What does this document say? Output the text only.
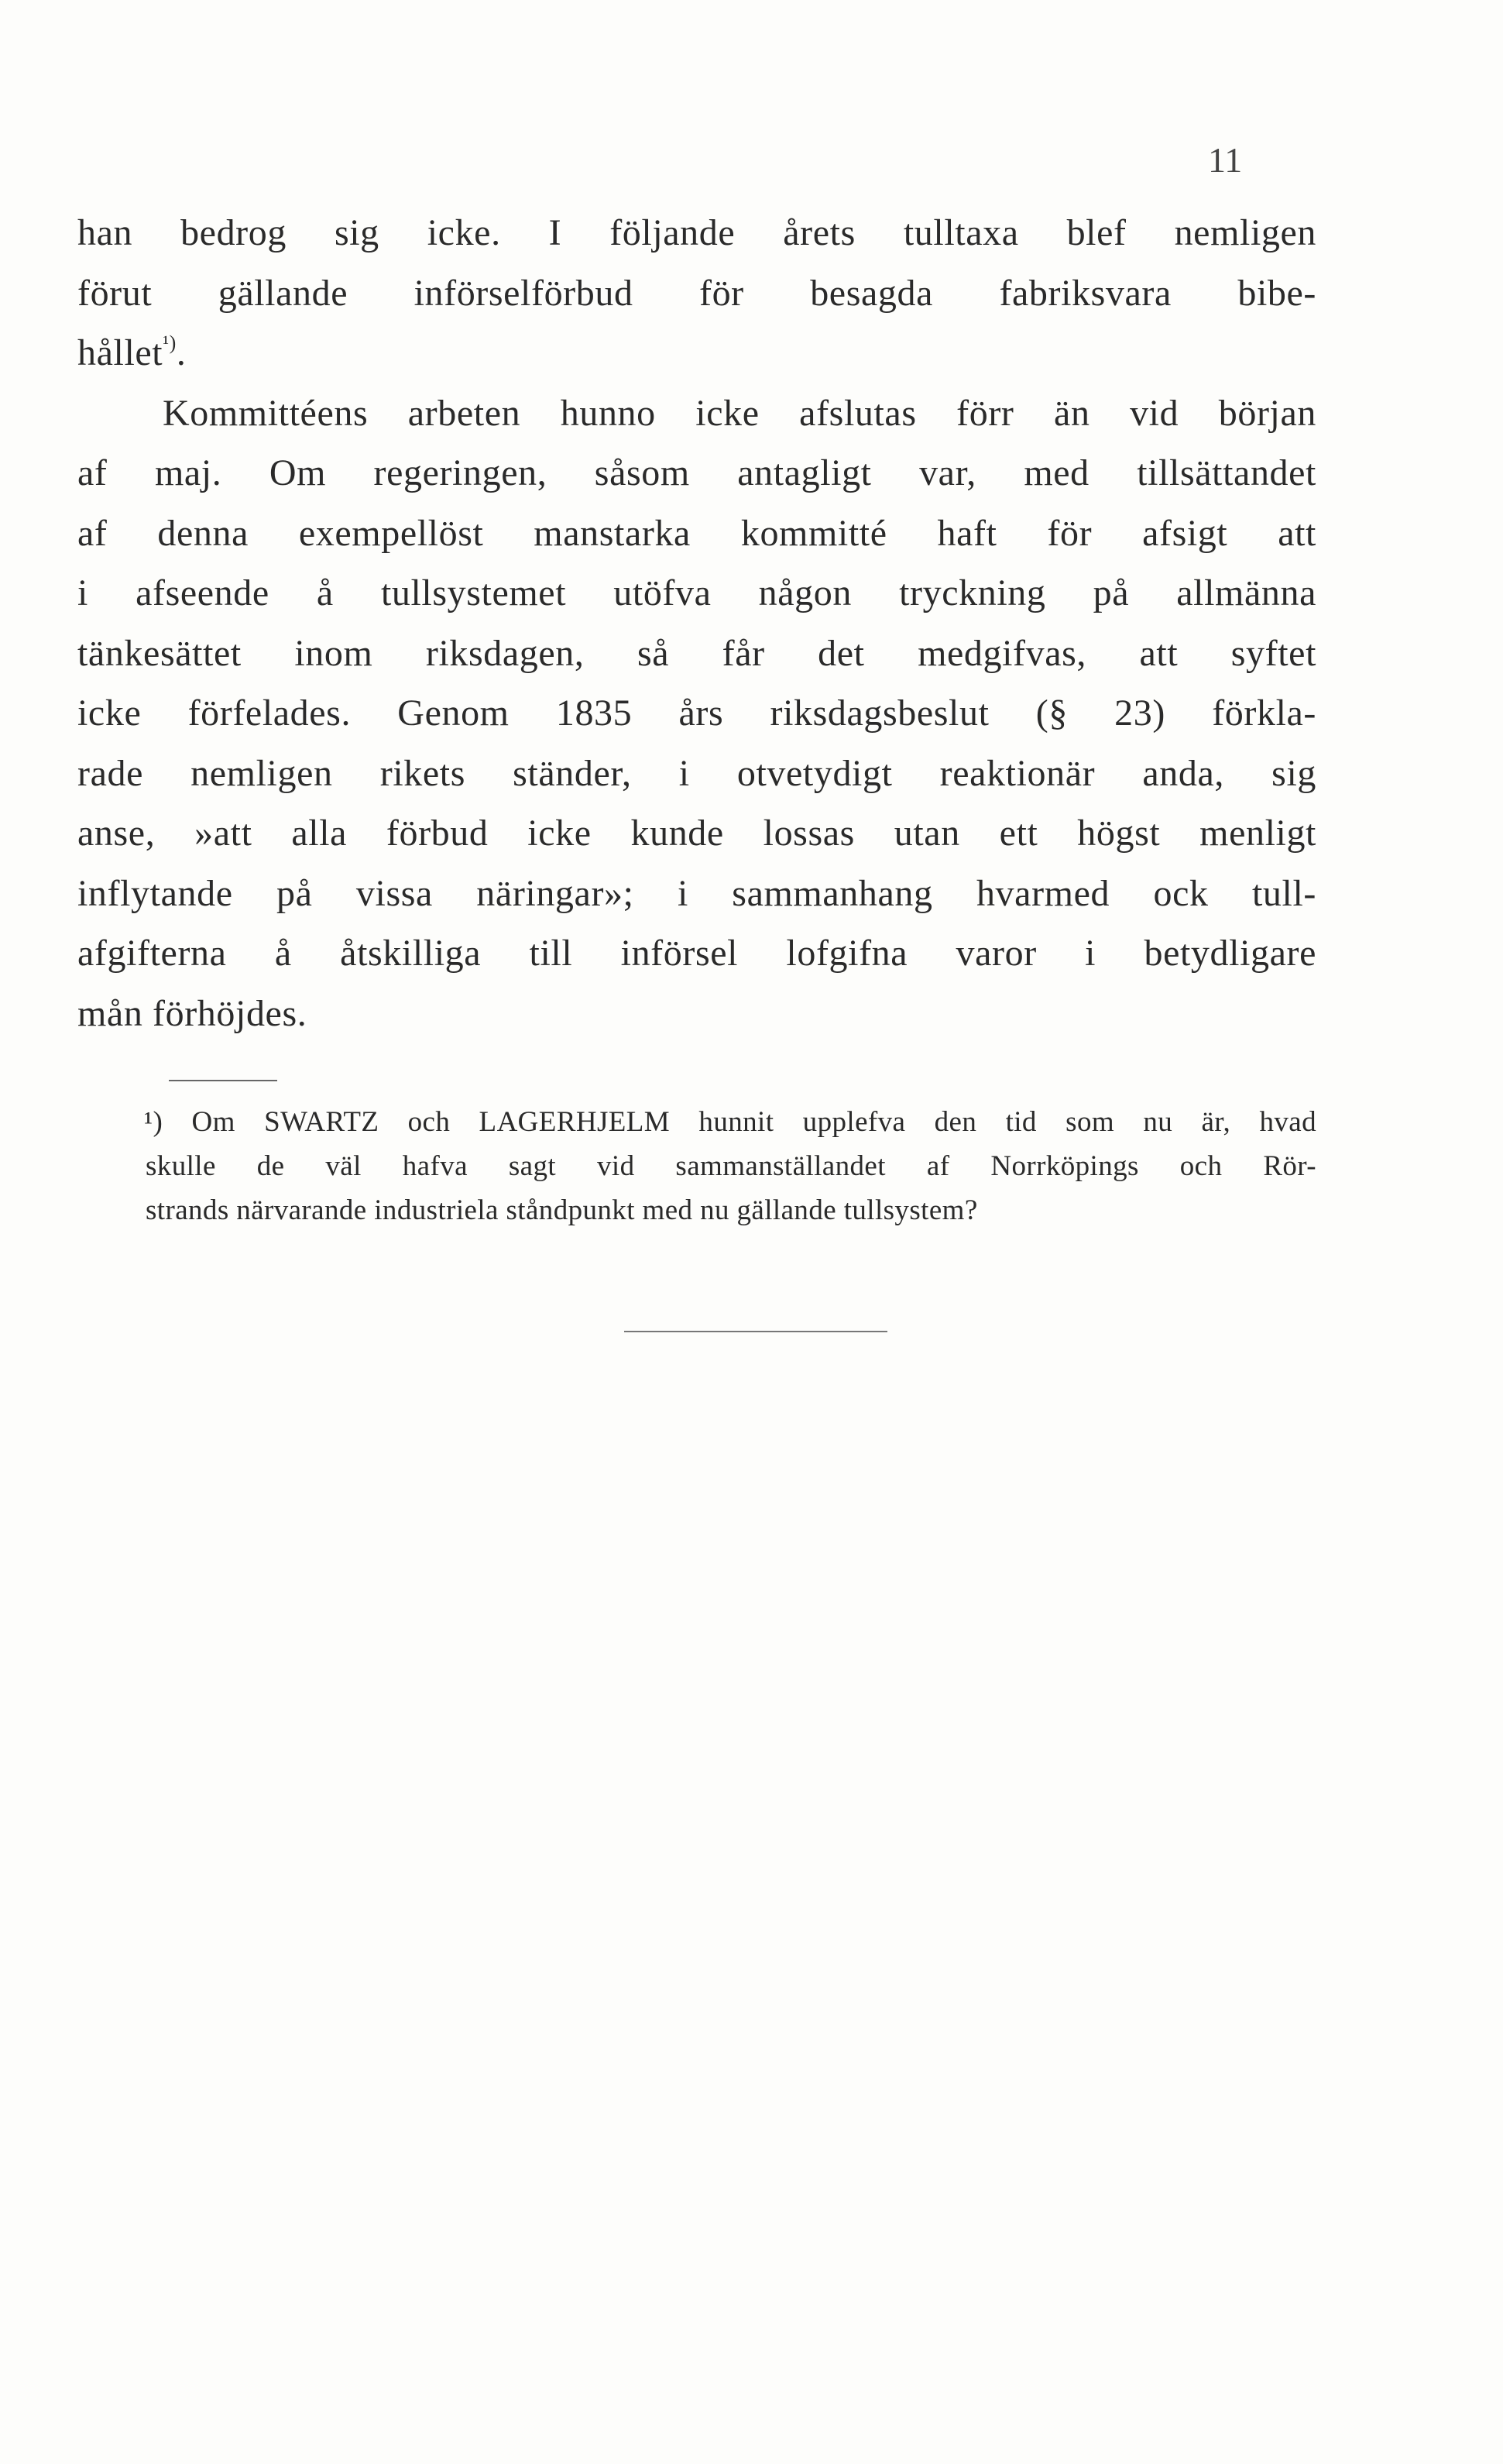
11
han bedrog sig icke. I följande årets tulltaxa blef nemligen
förut gällande införselförbud för besagda fabriksvara bibe-
hållet$^{^1)}$.
Kommittéens arbeten hunno icke afslutas förr än vid början
af maj. Om regeringen, såsom antagligt var, med tillsättandet
af denna exempellöst manstarka kommitté haft för afsigt att
i afseende å tullsystemet utöfva någon tryckning på allmänna
tänkesättet inom riksdagen, så får det medgifvas, att syftet
icke förfelades. Genom 1835 års riksdagsbeslut (§ 23) förkla-
rade nemligen rikets ständer, i otvetydigt reaktionär anda, sig
anse, »att alla förbud icke kunde lossas utan ett högst menligt
inflytande på vissa näringar»; i sammanhang hvarmed ock tull-
afgifterna å åtskilliga till införsel lofgifna varor i betydligare
mån förhöjdes.
¹) Om SWARTZ och LAGERHJELM hunnit upplefva den tid som nu är, hvad
skulle de väl hafva sagt vid sammanställandet af Norrköpings och Rör-
strands närvarande industriela ståndpunkt med nu gällande tullsystem?
